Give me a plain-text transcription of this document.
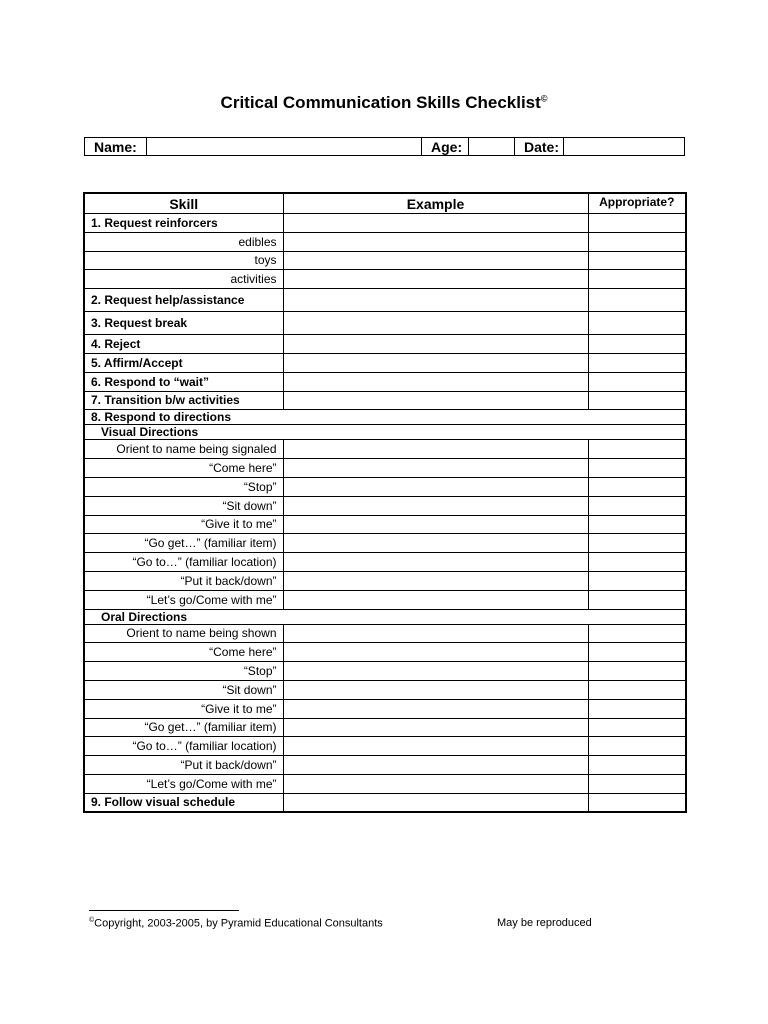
Critical Communication Skills Checklist©
Name:	Age:	Date:
Skill	Example	Appropriate?
1. Request reinforcers		
edibles		
toys		
activities		
2. Request help/assistance		
3. Request break		
4. Reject		
5. Affirm/Accept		
6. Respond to “wait”		
7. Transition b/w activities		
8. Respond to directions		
Visual Directions		
Orient to name being signaled		
“Come here”		
“Stop”		
“Sit down”		
“Give it to me”		
“Go get…” (familiar item)		
“Go to…” (familiar location)		
“Put it back/down”		
“Let’s go/Come with me”		
Oral Directions		
Orient to name being shown		
“Come here”		
“Stop”		
“Sit down”		
“Give it to me”		
“Go get…” (familiar item)		
“Go to…” (familiar location)		
“Put it back/down”		
“Let’s go/Come with me”		
9. Follow visual schedule		
©Copyright, 2003-2005, by Pyramid Educational Consultants	May be reproduced
